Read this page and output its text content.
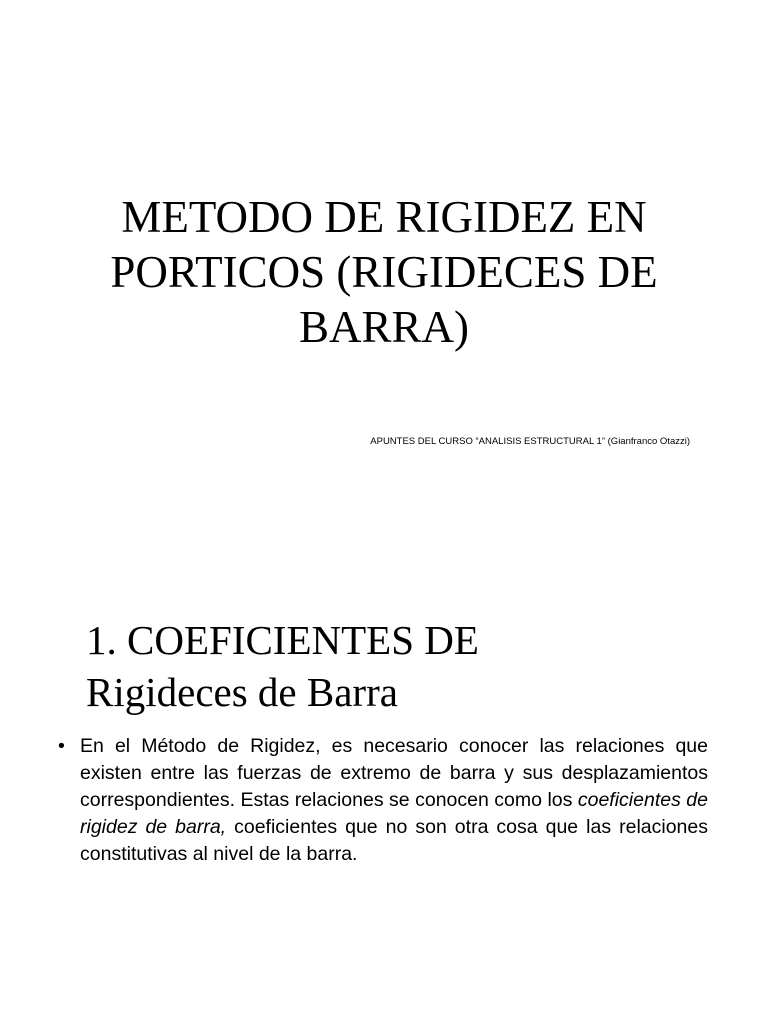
METODO DE RIGIDEZ EN PORTICOS (RIGIDECES DE BARRA)

APUNTES DEL CURSO “ANALISIS ESTRUCTURAL 1” (Gianfranco Otazzi)

1. COEFICIENTES DE
Rigideces de Barra
• En el Método de Rigidez, es necesario conocer las relaciones que existen entre las fuerzas de extremo de barra y sus desplazamientos correspondientes. Estas relaciones se conocen como los coeficientes de rigidez de barra, coeficientes que no son otra cosa que las relaciones constitutivas al nivel de la barra.
